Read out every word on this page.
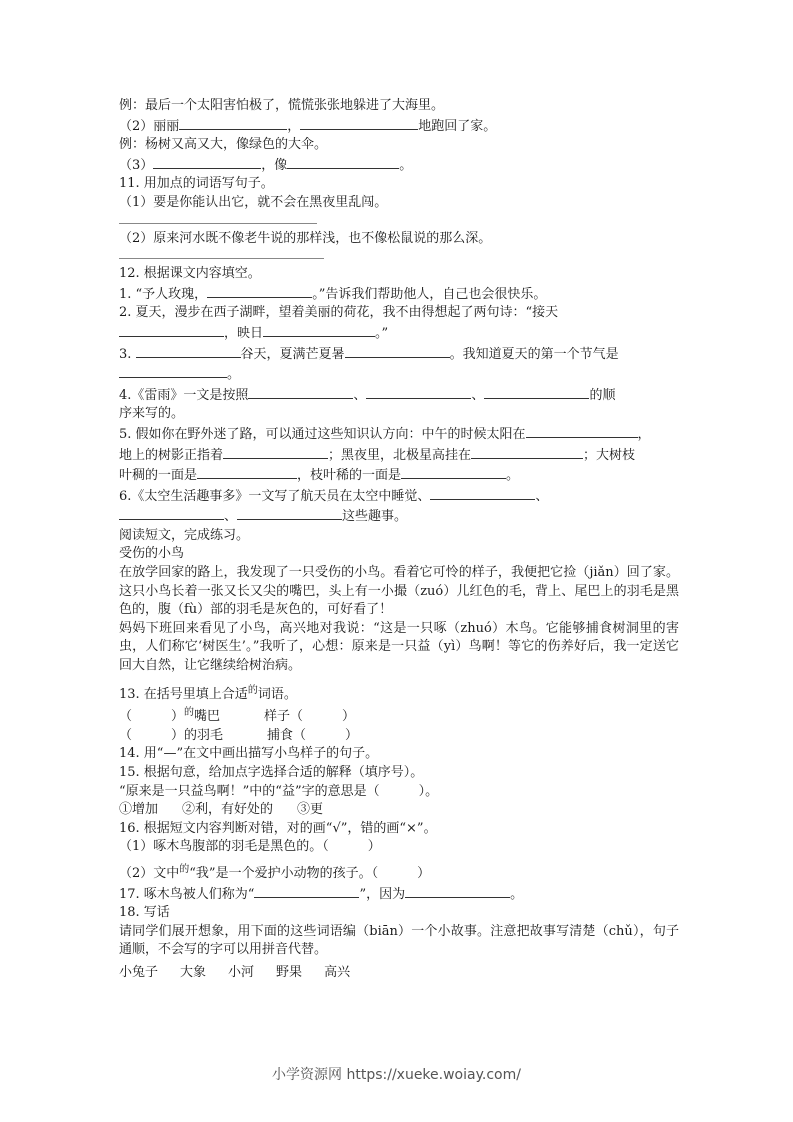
例：最后一个太阳害怕极了，慌慌张张地躲进了大海里。
（2）丽丽	，	地跑回了家。
例：杨树又高又大，像绿色的大伞。
（3）	，像	。
11. 用加点的词语写句子。
（1）要是你能认出它，就不会在黑夜里乱闯。
（2）原来河水既不像老牛说的那样浅，也不像松鼠说的那么深。
12. 根据课文内容填空。
1. “予人玫瑰，	。”告诉我们帮助他人，自己也会很快乐。
2. 夏天，漫步在西子湖畔，望着美丽的荷花，我不由得想起了两句诗：“接天
，映日	。”
3.	谷天，夏满芒夏暑	。我知道夏天的第一个节气是
。
4.《雷雨》一文是按照	、	、	的顺
序来写的。
5. 假如你在野外迷了路，可以通过这些知识认方向：中午的时候太阳在	，
地上的树影正指着	；黑夜里，北极星高挂在	；大树枝
叶稠的一面是	，枝叶稀的一面是	。
6.《太空生活趣事多》一文写了航天员在太空中睡觉、	、
、	这些趣事。
阅读短文，完成练习。
受伤的小鸟
在放学回家的路上，我发现了一只受伤的小鸟。看着它可怜的样子，我便把它捡（jiǎn）回了家。这只小鸟长着一张又长又尖的嘴巴，头上有一小撮（zuó）儿红色的毛，背上、尾巴上的羽毛是黑色的，腹（fù）部的羽毛是灰色的，可好看了！
妈妈下班回来看见了小鸟，高兴地对我说：“这是一只啄（zhuó）木鸟。它能够捕食树洞里的害虫，人们称它‘树医生’。”我听了，心想：原来是一只益（yì）鸟啊！等它的伤养好后，我一定送它回大自然，让它继续给树治病。
13. 在括号里填上合适$^的$词语。
（　　　）$^的$嘴巴	样子（　　　）
（　　　）的羽毛	捕食（　　　）
14. 用“—”在文中画出描写小鸟样子的句子。
15. 根据句意，给加点字选择合适的解释（填序号）。
“原来是一只益鸟啊！”中的“益”字的意思是（　　　）。
①增加 ②利，有好处的 ③更
16. 根据短文内容判断对错，对的画“√”，错的画“×”。
（1）啄木鸟腹部的羽毛是黑色的。（　　　）
（2）文中$^的$“我”是一个爱护小动物的孩子。（　　　）
17. 啄木鸟被人们称为“	”，因为	。
18. 写话
请同学们展开想象，用下面的这些词语编（biān）一个小故事。注意把故事写清楚（chǔ），句子通顺，不会写的字可以用拼音代替。
小兔子 大象 小河 野果 高兴
小学资源网 https://xueke.woiay.com/
